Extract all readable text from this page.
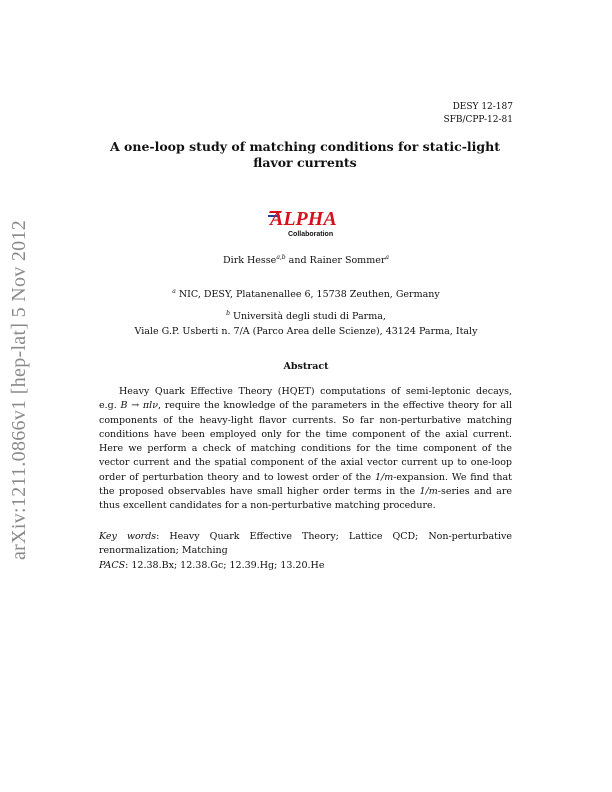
arXiv:1211.0866v1 [hep-lat] 5 Nov 2012
DESY 12-187
SFB/CPP-12-81
A one-loop study of matching conditions for static-light
flavor currents
ALPHA
Collaboration
Dirk Hesse$^{a,b}$ and Rainer Sommer$^a$
$^a$ NIC, DESY, Platanenallee 6, 15738 Zeuthen, Germany
$^b$ Università degli studi di Parma,
Viale G.P. Usberti n. 7/A (Parco Area delle Scienze), 43124 Parma, Italy
Abstract

Heavy Quark Effective Theory (HQET) computations of semi-leptonic decays, e.g. B → πlν, require the knowledge of the parameters in the effective theory for all components of the heavy-light flavor currents. So far non-perturbative matching conditions have been employed only for the time component of the axial current. Here we perform a check of matching conditions for the time component of the vector current and the spatial component of the axial vector current up to one-loop order of perturbation theory and to lowest order of the 1/m-expansion. We find that the proposed observables have small higher order terms in the 1/m-series and are thus excellent candidates for a non-perturbative matching procedure.

Key words: Heavy Quark Effective Theory; Lattice QCD; Non-perturbative renormalization; Matching
PACS: 12.38.Bx; 12.38.Gc; 12.39.Hg; 13.20.He
